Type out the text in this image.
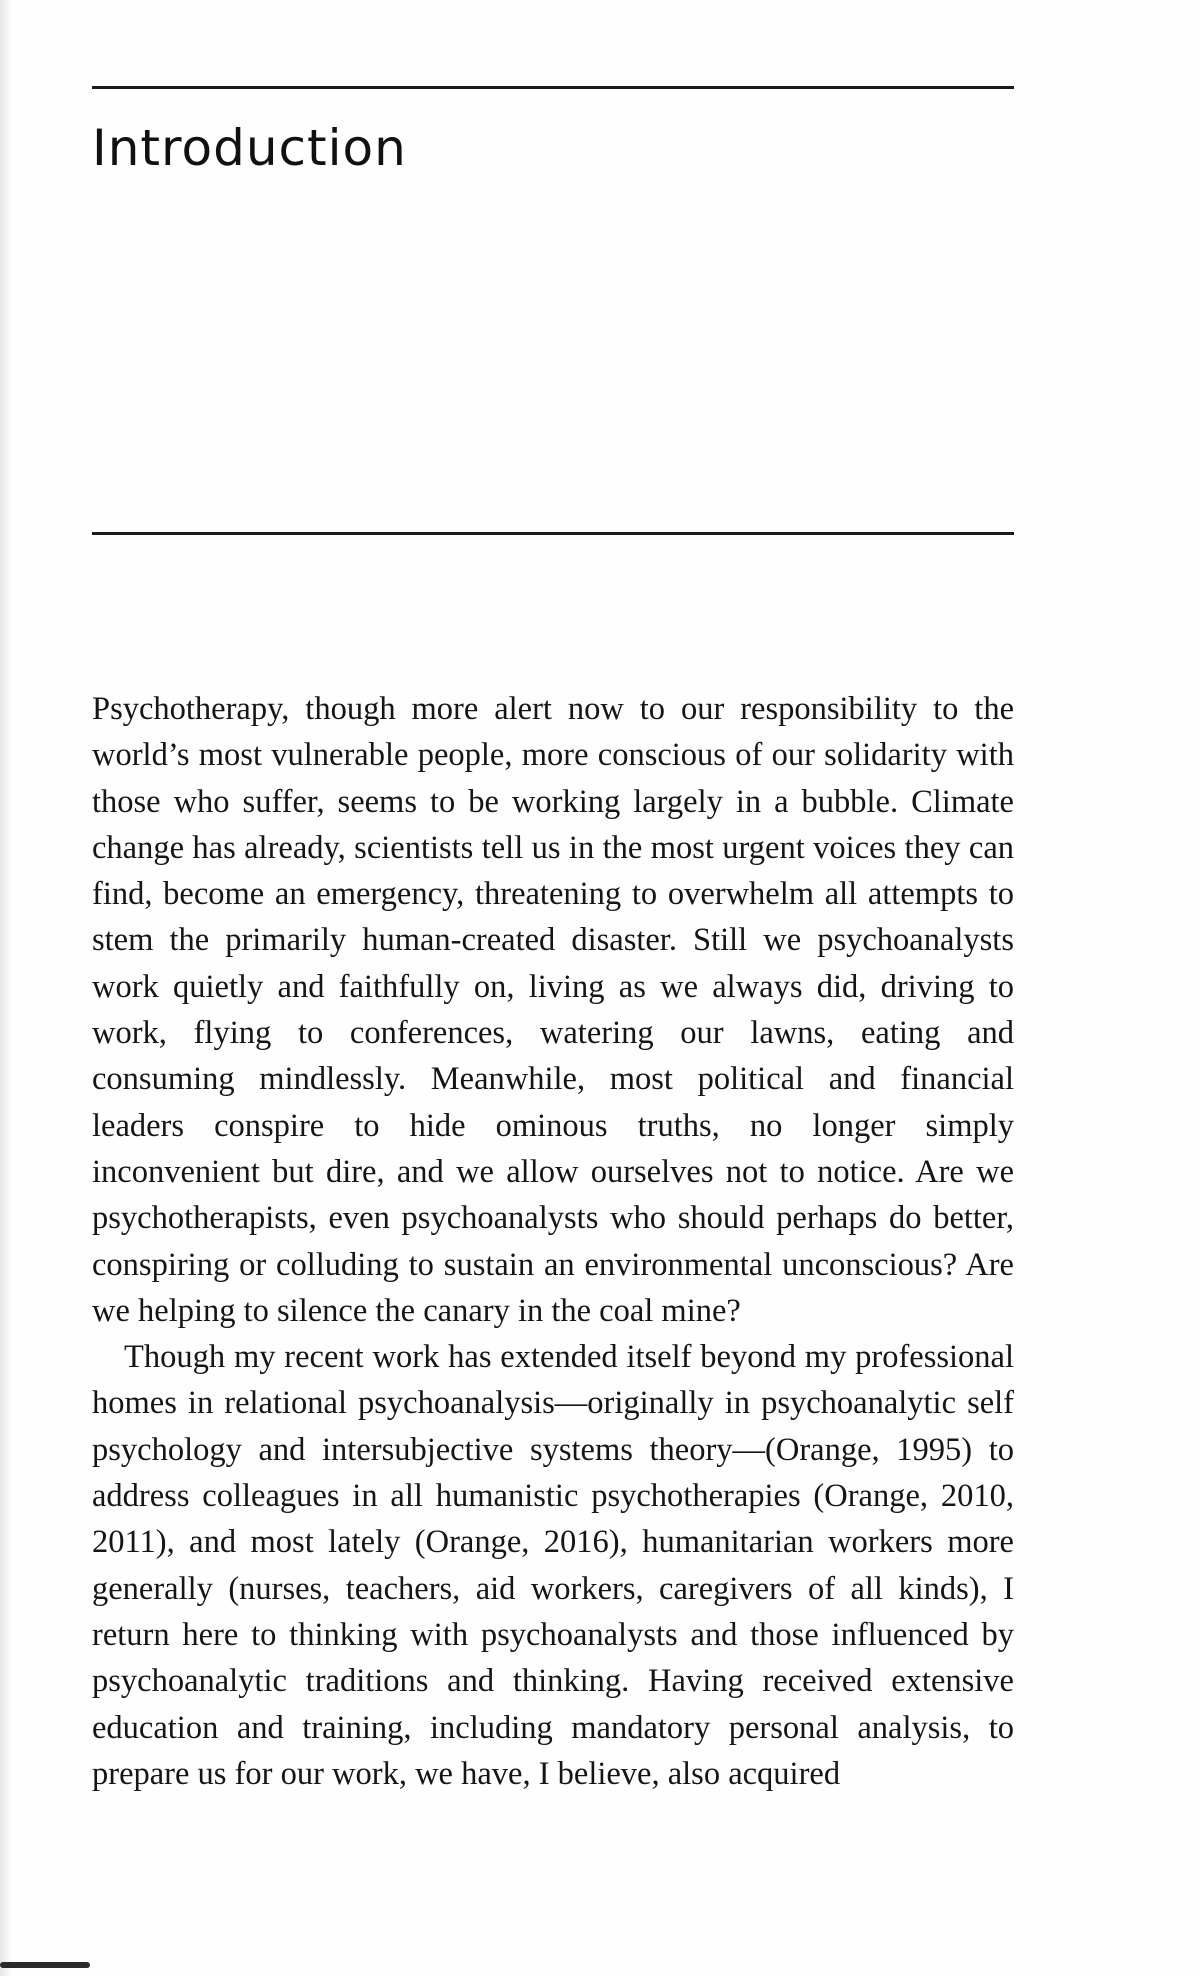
Introduction

Psychotherapy, though more alert now to our responsibility to the world’s most vulnerable people, more conscious of our solidarity with those who suffer, seems to be working largely in a bubble. Climate change has already, scientists tell us in the most urgent voices they can find, become an emergency, threatening to overwhelm all attempts to stem the primarily human-created disaster. Still we psychoanalysts work quietly and faithfully on, living as we always did, driving to work, flying to conferences, watering our lawns, eating and consuming mindlessly. Meanwhile, most political and financial leaders conspire to hide ominous truths, no longer simply inconvenient but dire, and we allow ourselves not to notice. Are we psychotherapists, even psychoanalysts who should perhaps do better, conspiring or colluding to sustain an environmental unconscious? Are we helping to silence the canary in the coal mine?

Though my recent work has extended itself beyond my professional homes in relational psychoanalysis—originally in psychoanalytic self psychology and intersubjective systems theory—(Orange, 1995) to address colleagues in all humanistic psychotherapies (Orange, 2010, 2011), and most lately (Orange, 2016), humanitarian workers more generally (nurses, teachers, aid workers, caregivers of all kinds), I return here to thinking with psychoanalysts and those influenced by psychoanalytic traditions and thinking. Having received extensive education and training, including mandatory personal analysis, to prepare us for our work, we have, I believe, also acquired
